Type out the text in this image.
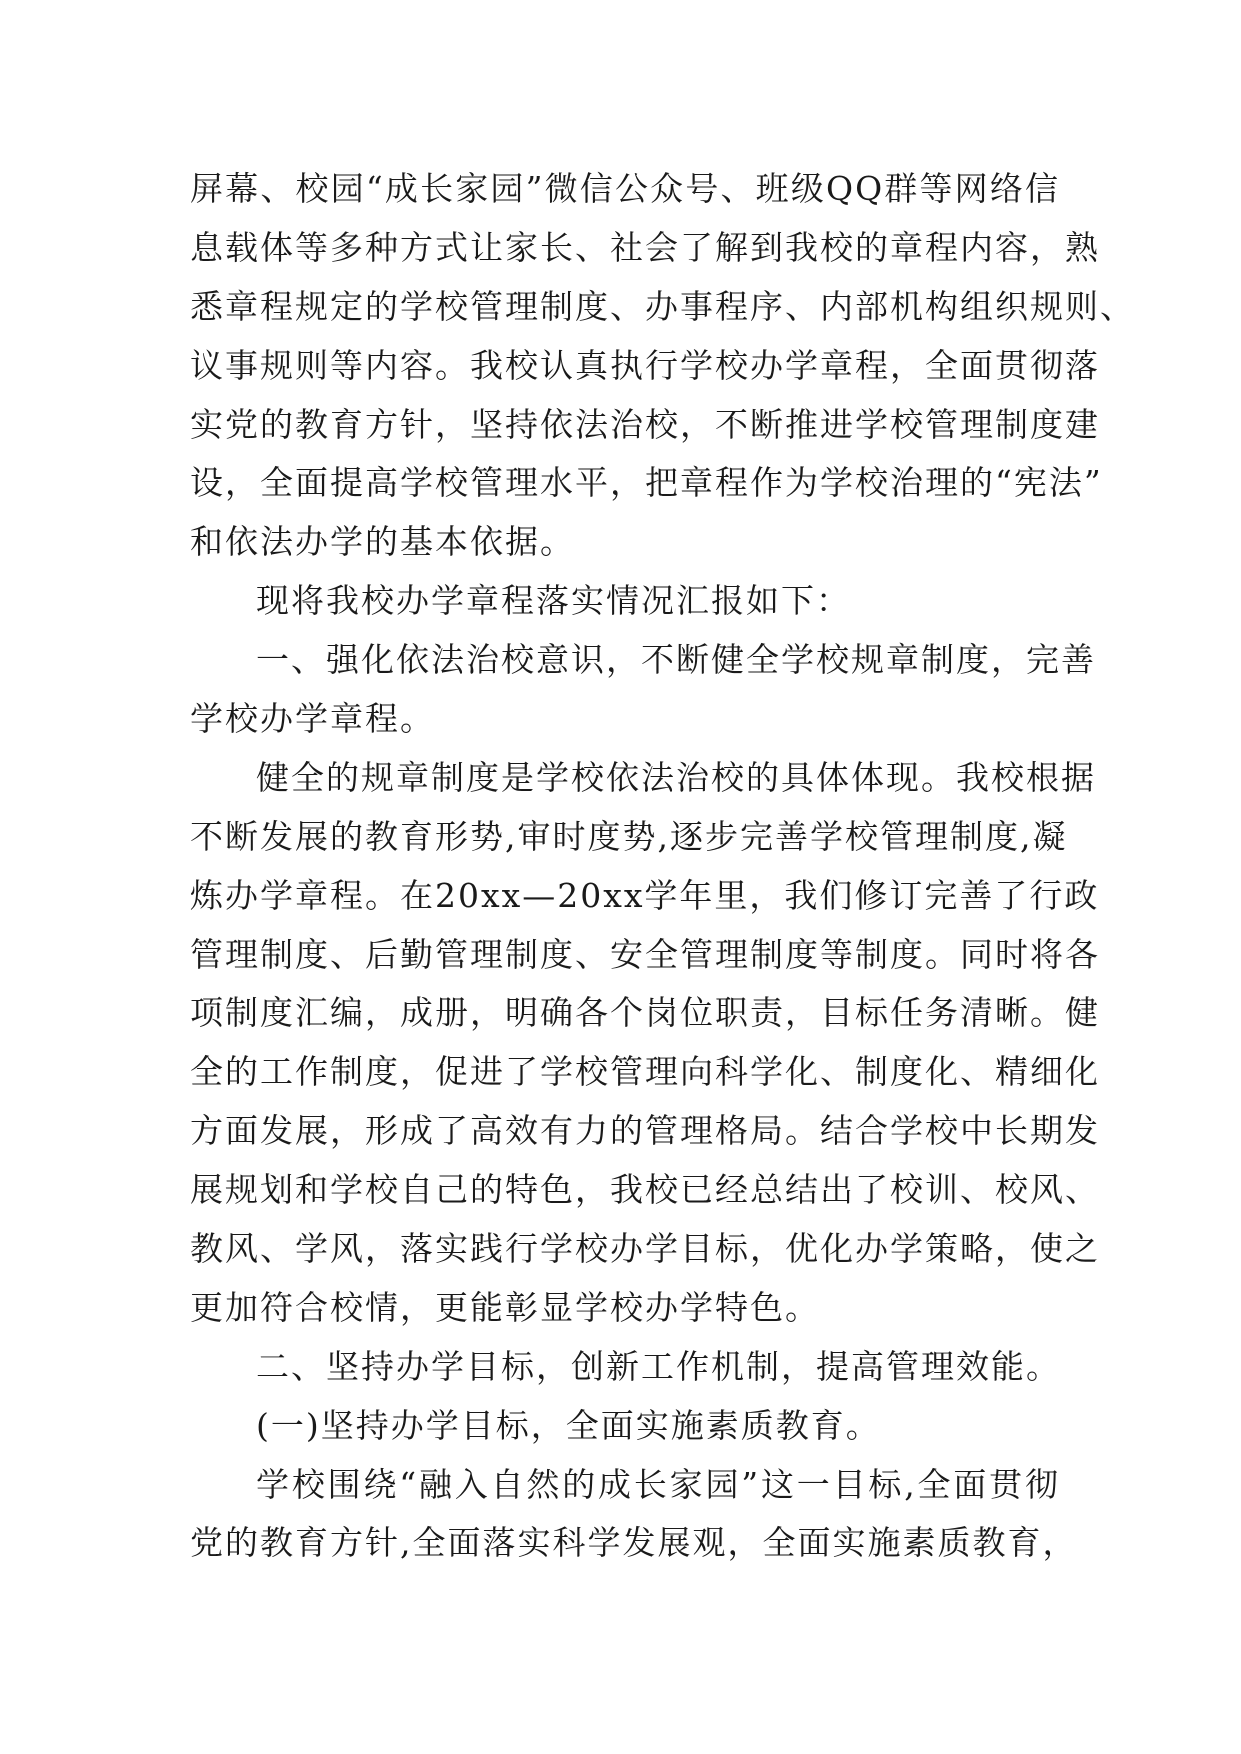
屏幕、校园“成长家园”微信公众号、班级QQ群等网络信
息载体等多种方式让家长、社会了解到我校的章程内容，熟
悉章程规定的学校管理制度、办事程序、内部机构组织规则、
议事规则等内容。我校认真执行学校办学章程，全面贯彻落
实党的教育方针，坚持依法治校，不断推进学校管理制度建
设，全面提高学校管理水平，把章程作为学校治理的“宪法”
和依法办学的基本依据。
现将我校办学章程落实情况汇报如下：
一、强化依法治校意识，不断健全学校规章制度，完善
学校办学章程。
健全的规章制度是学校依法治校的具体体现。我校根据
不断发展的教育形势,审时度势,逐步完善学校管理制度,凝
炼办学章程。在20xx—20xx学年里，我们修订完善了行政
管理制度、后勤管理制度、安全管理制度等制度。同时将各
项制度汇编，成册，明确各个岗位职责，目标任务清晰。健
全的工作制度，促进了学校管理向科学化、制度化、精细化
方面发展，形成了高效有力的管理格局。结合学校中长期发
展规划和学校自己的特色，我校已经总结出了校训、校风、
教风、学风，落实践行学校办学目标，优化办学策略，使之
更加符合校情，更能彰显学校办学特色。
二、坚持办学目标，创新工作机制，提高管理效能。
(一)坚持办学目标，全面实施素质教育。
学校围绕“融入自然的成长家园”这一目标,全面贯彻
党的教育方针,全面落实科学发展观，全面实施素质教育，
